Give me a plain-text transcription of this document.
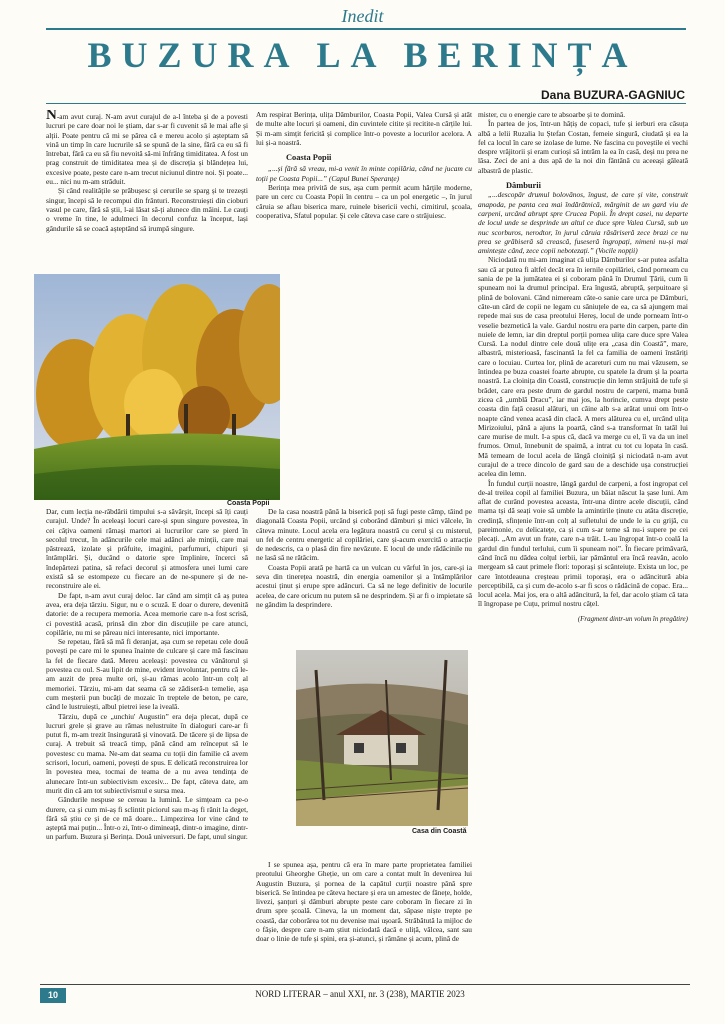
Inedit
BUZURA LA BERINȚA
Dana BUZURA-GAGNIUC

N-am avut curaj. N-am avut curajul de a-l înteba și de a povesti lucruri pe care doar noi le știam, dar s-ar fi cuvenit să le mai afle și alții. Poate pentru că mi se părea că e mereu acolo și așteptam să vină un timp în care lucrurile să se spună de la sine, fără ca eu să fi întrebat, fără ca eu să fiu nevoită să-mi înfrâng timiditatea. A fost un prag construit de timiditatea mea și de discreția și blândețea lui, excesive poate, peste care n-am trecut niciunul dintre noi. Și poate... eu... nici nu m-am străduit.

Și când realitățile se prăbușesc și cerurile se sparg și te trezești singur, începi să le recompui din frânturi. Reconstruiești din cioburi vasul pe care, fără să știi, l-ai lăsat să-ți alunece din mâini. Le cauți o vreme în tine, le adulmeci în decorul confuz la început, lași gândurile să se coacă așteptând să irumpă singure.

Am respirat Berința, ulița Dămburilor, Coasta Popii, Valea Cursă și atât de multe alte locuri și oameni, din cuvintele citite și recitite-n cărțile lui. Și m-am simțit fericită și complice într-o poveste a locurilor acelora. A lui și-a noastră.

Coasta Popii

„...și fără să vreau, mi-a venit în minte copilăria, când ne jucam cu toții pe Coasta Popii...” (Capul Bunei Speranțe)

Berința mea privită de sus, așa cum permit acum hărțile moderne, pare un cerc cu Coasta Popii în centru – ca un pol energetic –, în jurul căruia se aflau biserica mare, ruinele bisericii vechi, cimitirul, școala, cooperativa, Sfatul popular. Și cele câteva case care o străjuiesc.

Coasta Popii

Dar, cum lecția ne-răbdării timpului s-a săvârșit, începi să îți cauți curajul. Unde? În aceleași locuri care-și spun singure povestea, în cei câțiva oameni rămași martori ai lucrurilor care se pierd în secolul trecut, în adâncurile cele mai adânci ale minții, care mai păstrează, izolate și prăfuite, imagini, parfumuri, chipuri și întâmplări. Și, ducând o datorie spre împlinire, încerci să îndepărtezi patina, să refaci decorul și atmosfera unei lumi care există să se estompeze cu fiecare an de ne-spunere și de ne-reconstruire ale ei.

De fapt, n-am avut curaj deloc. Iar când am simțit că aș putea avea, era deja târziu. Sigur, nu e o scuză. E doar o durere, devenită datorie: de a recupera memoria. Acea memorie care n-a fost scrisă, ci povestită acasă, prinsă din zbor din discuțiile pe care atunci, copilărie, nu mi se păreau nici interesante, nici importante.

Se repetau, fără să mă fi deranjat, așa cum se repetau cele două povești pe care mi le spunea înainte de culcare și care mă fascinau la fel de fiecare dată. Mereu aceleași: povestea cu vânătorul și povestea cu oul. S-au lipit de mine, evident involuntar, pentru că le-am auzit de prea multe ori, și-au rămas acolo într-un colț al memoriei. Târziu, mi-am dat seama că se zădiseră-n temelie, așa cum meșterii pun bucăți de mozaic în treptele de beton, pe care, când le lustruiești, albul pietrei iese la iveală.

Târziu, după ce „unchiu' Augustin” era deja plecat, după ce lucruri grele și grave au rămas nelustruite în dialoguri care-ar fi putut fi, m-am trezit însingurată și vinovată. De tăcere și de lipsa de curaj. A trebuit să treacă timp, până când am reînceput să le povestesc cu mama. Ne-am dat seama cu toții din familie că avem scrisori, locuri, oameni, povești de spus. E delicată reconstruirea lor în povestea mea, tocmai de teama de a nu avea tendința de alunecare într-un subiectivism excesiv... De fapt, câteva date, am murit din că am tot subiectivismul e sursa mea.

Gândurile nespuse se cereau la lumină. Le simțeam ca pe-o durere, ca și cum mi-aș fi sclintit piciorul sau m-aș fi rănit la deget, fără să știu ce și de ce mă doare... Limpezirea lor vine când te așteptă mai puțin... Într-o zi, într-o dimineață, dintr-o imagine, dintr-un parfum. Buzura și Berința. Două universuri. De fapt, unul singur.

De la casa noastră până la biserică poți să fugi peste câmp, tăind pe diagonală Coasta Popii, urcând și coborând dâmburi și mici vâlcele, în câteva minute. Locul acela era legătura noastră cu cerul și cu misterul, un fel de centru energetic al copilăriei, care și-acum exercită o atracție de nedescris, ca o plasă din fire nevăzute. E locul de unde rădăcinile nu ne lasă să ne rătăcim.

Coasta Popii arată pe hartă ca un vulcan cu vârful în jos, care-și ia seva din tinerețea noastră, din energia oamenilor și a întâmplărilor acestui ținut și erupe spre adâncuri. Ca să ne lege definitiv de locurile acelea, de care oricum nu putem să ne desprindem. Și ar fi o impietate să ne gândim la desprindere.

Casa din Coastă

I se spunea așa, pentru că era în mare parte proprietatea familiei preotului Gheorghe Gheție, un om care a contat mult în devenirea lui Augustin Buzura, și pornea de la capătul curții noastre până spre biserică. Se întindea pe câteva hectare și era un amestec de fânețe, holde, livezi, șanțuri și dâmburi abrupte peste care coboram în fiecare zi în drum spre școală. Cineva, la un moment dat, săpase niște trepte pe coastă, dar coborârea tot nu devenise mai ușoară. Străbătută la mijloc de o fâșie, despre care n-am știut niciodată dacă e uliță, vâlcea, sant sau doar o linie de tufe și spini, era și-atunci, și rămâne și acum, plină de

mister, cu o energie care te absoarbe și te domină.

În partea de jos, într-un hățiș de copaci, tufe și ierburi era căsuța albă a lelii Ruzalia lu Ștefan Costan, femeie singură, ciudată și ea la fel ca locul în care se izolase de lume. Ne fascina cu poveștile ei vechi despre vrăjitorii și eram curioși să intrăm la ea în casă, deși nu prea ne lăsa. Zeci de ani a dus apă de la noi din fântână cu aceeași găleată albastră de plastic.

Dâmburii

„...descopăr drumul bolovănos, îngust, de care și vite, construit anapoda, pe panta cea mai îndărătnică, mărginit de un gard viu de carpeni, urcând abrupt spre Crucea Popii. În drept casei, nu departe de locul unde se desprinde un altul ce duce spre Valea Cursă, sub un nuc scorburos, nerodtor, în jurul căruia răsăriseră zece brazi ce nu prea se grăbiseră să crească, fuseseră îngropați, nimeni nu-și mai amintește când, zece copii nebotezați.” (Vocile nopții)

Niciodată nu mi-am imaginat că ulița Dâmburilor s-ar putea asfalta sau că ar putea fi altfel decât era în iernile copilăriei, când porneam cu sania de pe la jumătatea ei și coboram până în Drumul Țării, cum îi spuneam noi la drumul principal. Era îngustă, abruptă, șerpuitoare și plină de bolovani. Când nimeream câte-o sanie care urca pe Dâmburi, câte-un cârd de copii ne legam cu săniuțele de ea, ca să ajungem mai repede mai sus de casa preotului Hereș, locul de unde porneam într-o veselie bezmetică la vale. Gardul nostru era parte din carpen, parte din nuiele de lemn, iar din dreptul porții pornea ulița care duce spre Valea Cursă. La nodul dintre cele două ulițe era „casa din Coastă”, mare, albastră, misterioasă, fascinantă la fel ca familia de oameni înstăriți care o locuiau. Curtea lor, plină de acareturi cum nu mai văzusem, se întindea pe buza coastei foarte abrupte, cu spatele la drum și la poarta noastră. La cloinița din Coastă, construcție din lemn străjuită de tufe și brădet, care era peste drum de gardul nostru de carpeni, mama bună zicea că „umblă Dracu”, iar mai jos, la horincie, cumva drept peste coasta din față ceasul alături, un câine alb s-a arătat unui om într-o noapte când venea acasă din clacă. A mers alăturea cu el, urcând ulița Mirizoiului, până a ajuns la poartă, când s-a transformat în tatăl lui care murise de mult. I-a spus că, dacă va merge cu el, îi va da un inel frumos. Omul, înnebunit de spaimă, a intrat cu tot cu lopata în casă. Mă temeam de locul acela de lângă cloiniță și niciodată n-am avut curajul de a trece dincolo de gard sau de a deschide ușa construcției acelea din lemn.

În fundul curții noastre, lângă gardul de carpeni, a fost ingropat cel de-al treilea copil al familiei Buzura, un băiat născut la șase luni. Am aflat de curând povestea aceasta, într-una dintre acele discuții, când mama tși dă seați voie să umble la amintirile ținute cu atâta discreție, credință, sfințenie într-un colț al sufletului de unde le ia cu grijă, cu pareimonie, cu delicatețe, ca și cum s-ar teme să nu-i supere pe cei plecați. „Am avut un frate, care n-a trăit. L-au îngropat într-o coală la gardul din fundul terlului, cum îi spuneam noi”. În fiecare primăvară, când încă nu dădea colțul ierbii, iar pământul era încă reavăn, acolo mergeam să caut primele flori: toporași și scânteiuțe. Exista un loc, pe care întotdeauna creșteau primii toporași, era o adâncitură abia perceptibilă, ca și cum de-acolo s-ar fi scos o rădăcină de copac. Era... locul acela. Mai jos, era o altă adâncitură, la fel, dar acolo știam că tata îl îngropase pe Cuțu, primul nostru cățel.

(Fragment dintr-un volum în pregătire)
10	NORD LITERAR – anul XXI, nr. 3 (238), MARTIE 2023
